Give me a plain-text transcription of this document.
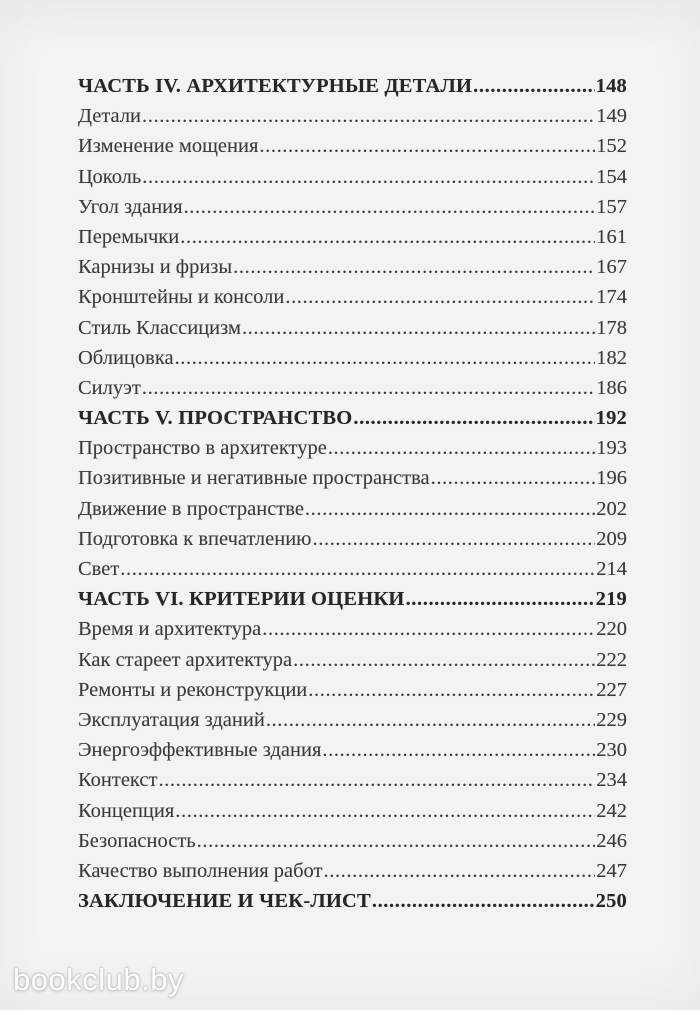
ЧАСТЬ IV. АРХИТЕКТУРНЫЕ ДЕТАЛИ .....	148
Детали .....	149
Изменение мощения .....	152
Цоколь .....	154
Угол здания .....	157
Перемычки .....	161
Карнизы и фризы .....	167
Кронштейны и консоли .....	174
Стиль Классицизм .....	178
Облицовка .....	182
Силуэт .....	186
ЧАСТЬ V. ПРОСТРАНСТВО .....	192
Пространство в архитектуре .....	193
Позитивные и негативные пространства .....	196
Движение в пространстве .....	202
Подготовка к впечатлению .....	209
Свет .....	214
ЧАСТЬ VI. КРИТЕРИИ ОЦЕНКИ .....	219
Время и архитектура .....	220
Как стареет архитектура .....	222
Ремонты и реконструкции .....	227
Эксплуатация зданий .....	229
Энергоэффективные здания .....	230
Контекст .....	234
Концепция .....	242
Безопасность .....	246
Качество выполнения работ .....	247
ЗАКЛЮЧЕНИЕ И ЧЕК-ЛИСТ .....	250
bookclub.by
